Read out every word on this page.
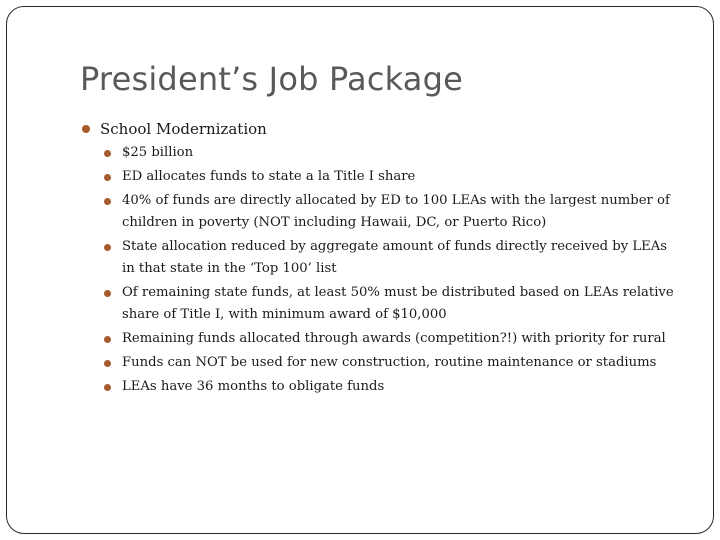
President’s Job Package
School Modernization
$25 billion
ED allocates funds to state a la Title I share
40% of funds are directly allocated by ED to 100 LEAs with the largest number of children in poverty (NOT including Hawaii, DC, or Puerto Rico)
State allocation reduced by aggregate amount of funds directly received by LEAs in that state in the ‘Top 100’ list
Of remaining state funds, at least 50% must be distributed based on LEAs relative share of Title I, with minimum award of $10,000
Remaining funds allocated through awards (competition?!) with priority for rural
Funds can NOT be used for new construction, routine maintenance or stadiums
LEAs have 36 months to obligate funds
